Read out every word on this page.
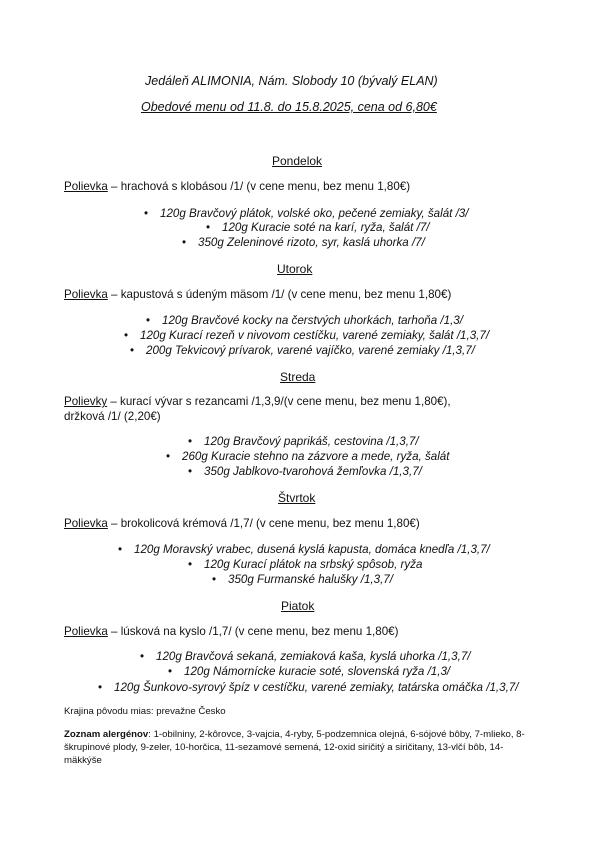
Jedáleň ALIMONIA, Nám. Slobody 10 (bývalý ELAN)
Obedové menu od 11.8. do 15.8.2025, cena od 6,80€
Pondelok
Polievka – hrachová s klobásou /1/ (v cene menu, bez menu 1,80€)
• 120g Bravčový plátok, volské oko, pečené zemiaky, šalát /3/
• 120g Kuracie soté na karí, ryža, šalát /7/
• 350g Zeleninové rizoto, syr, kaslá uhorka /7/
Utorok
Polievka – kapustová s údeným mäsom /1/ (v cene menu, bez menu 1,80€)
• 120g Bravčové kocky na čerstvých uhorkách, tarhoňa /1,3/
• 120g Kurací rezeň v nivovom cestíčku, varené zemiaky, šalát /1,3,7/
• 200g Tekvicový prívarok, varené vajíčko, varené zemiaky /1,3,7/
Streda
Polievky – kurací vývar s rezancami /1,3,9/(v cene menu, bez menu 1,80€),
držková /1/ (2,20€)
• 120g Bravčový paprikáš, cestovina /1,3,7/
• 260g Kuracie stehno na zázvore a mede, ryža, šalát
• 350g Jablkovo-tvarohová žemľovka /1,3,7/
Štvrtok
Polievka – brokolicová krémová /1,7/ (v cene menu, bez menu 1,80€)
• 120g Moravský vrabec, dusená kyslá kapusta, domáca knedľa /1,3,7/
• 120g Kurací plátok na srbský spôsob, ryža
• 350g Furmanské halušky /1,3,7/
Piatok
Polievka – lúsková na kyslo /1,7/ (v cene menu, bez menu 1,80€)
• 120g Bravčová sekaná, zemiaková kaša, kyslá uhorka /1,3,7/
• 120g Námornícke kuracie soté, slovenská ryža /1,3/
• 120g Šunkovo-syrový špíz v cestíčku, varené zemiaky, tatárska omáčka /1,3,7/
Krajina pôvodu mias: prevažne Česko
Zoznam alergénov: 1-obilniny, 2-kôrovce, 3-vajcia, 4-ryby, 5-podzemnica olejná, 6-sójové bôby, 7-mlieko, 8-škrupinové plody, 9-zeler, 10-horčica, 11-sezamové semená, 12-oxid siričitý a siričitany, 13-vlčí bôb, 14-mäkkýše
